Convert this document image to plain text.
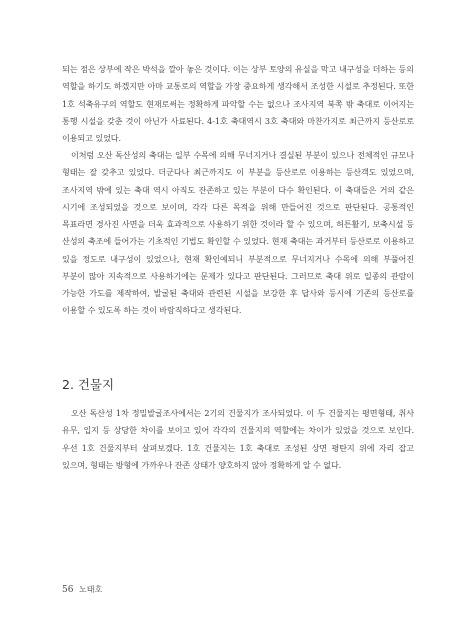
되는 점은 상부에 작은 박석을 깔아 놓은 것이다. 이는 상부 토양의 유실을 막고 내구성을 더하는 등의 역할을 하기도 하겠지만 아마 교통로의 역할을 가장 중요하게 생각해서 조성한 시설로 추정된다. 또한 1호 석축유구의 역할도 현재로써는 정확하게 파악할 수는 없으나 조사지역 북쪽 밖 축대로 이어지는 통행 시설을 갖춘 것이 아닌가 사료된다. 4-1호 축대역시 3호 축대와 마찬가지로 최근까지 등산로로 이용되고 있었다.

이처럼 오산 독산성의 축대는 일부 수목에 의해 무너지거나 결실된 부분이 있으나 전체적인 규모나 형태는 잘 갖추고 있었다. 더군다나 최근까지도 이 부분을 등산로로 이용하는 등산객도 있었으며, 조사지역 밖에 있는 축대 역시 아직도 잔존하고 있는 부분이 다수 확인된다. 이 축대들은 거의 같은 시기에 조성되었을 것으로 보이며, 각각 다른 목적을 위해 만들어진 것으로 판단된다. 공통적인 목표라면 경사진 사면을 더욱 효과적으로 사용하기 위한 것이라 할 수 있으며, 허튼활기, 보축시설 등 산성의 축조에 들어가는 기초적인 기법도 확인할 수 있었다. 현재 축대는 과거부터 등산로로 이용하고 있을 정도로 내구성이 있었으나, 현재 확인예되니 부분적으로 무너지거나 수목에 의해 부풀어진 부분이 많아 지속적으로 사용하기에는 문제가 있다고 판단된다. 그러므로 축대 위로 일종의 관람이 가능한 가도를 제작하여, 발굴된 축대와 관련된 시설을 보강한 후 답사와 등시에 기존의 등산로를 이용할 수 있도록 하는 것이 바람직하다고 생각된다.

2. 건물지

오산 독산성 1차 정밀발굴조사에서는 2기의 건물지가 조사되었다. 이 두 건물지는 평면형태, 취사 유무, 입지 등 상당한 차이를 보이고 있어 각각의 건물지의 역할에는 차이가 있었을 것으로 보인다. 우선 1호 건물지부터 살펴보겠다. 1호 건물지는 1호 축대로 조성된 상면 평탄지 위에 자리 잡고 있으며, 형태는 방형에 가까우나 잔존 상태가 양호하지 않아 정확하게 알 수 없다.

56 노태호
